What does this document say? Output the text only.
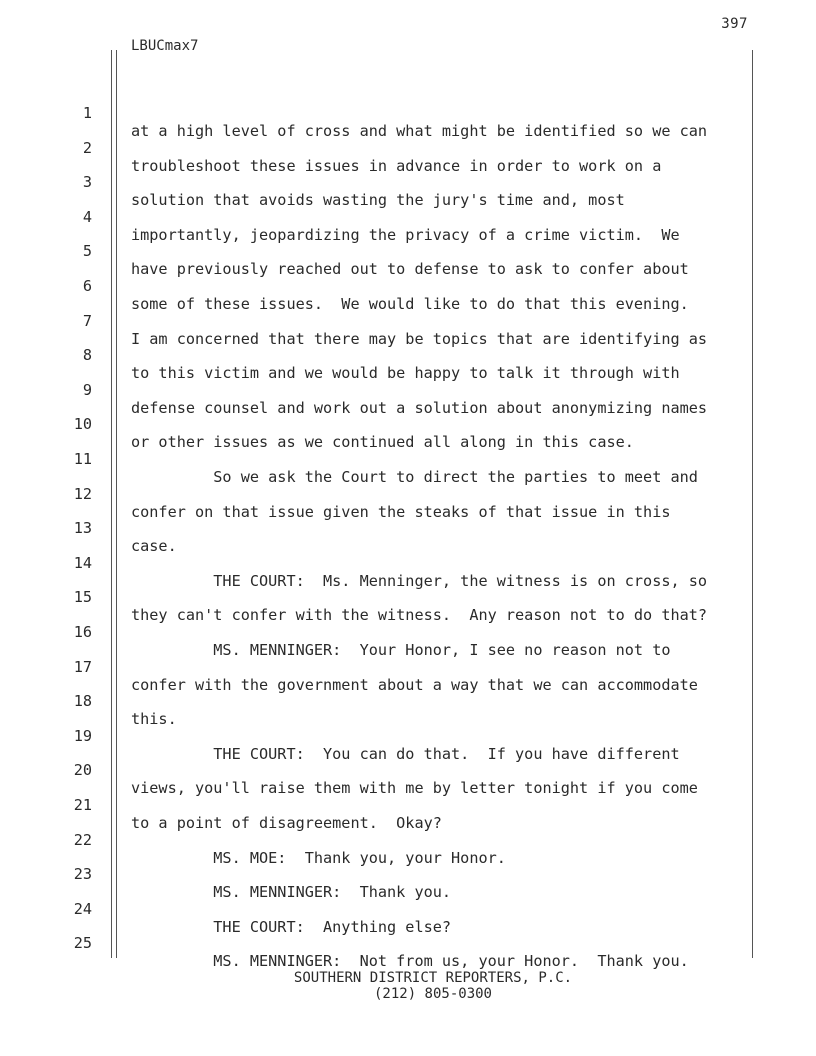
397
LBUCmax7

1

at a high level of cross and what might be identified so we can

2

troubleshoot these issues in advance in order to work on a

3

solution that avoids wasting the jury's time and, most

4

importantly, jeopardizing the privacy of a crime victim.  We

5

have previously reached out to defense to ask to confer about

6

some of these issues.  We would like to do that this evening.

7

I am concerned that there may be topics that are identifying as

8

to this victim and we would be happy to talk it through with

9

defense counsel and work out a solution about anonymizing names

10

or other issues as we continued all along in this case.

11

So we ask the Court to direct the parties to meet and

12

confer on that issue given the steaks of that issue in this

13

case.

14

THE COURT:  Ms. Menninger, the witness is on cross, so

15

they can't confer with the witness.  Any reason not to do that?

16

MS. MENNINGER:  Your Honor, I see no reason not to

17

confer with the government about a way that we can accommodate

18

this.

19

THE COURT:  You can do that.  If you have different

20

views, you'll raise them with me by letter tonight if you come

21

to a point of disagreement.  Okay?

22

MS. MOE:  Thank you, your Honor.

23

MS. MENNINGER:  Thank you.

24

THE COURT:  Anything else?

25

MS. MENNINGER:  Not from us, your Honor.  Thank you.

SOUTHERN DISTRICT REPORTERS, P.C.
(212) 805-0300
